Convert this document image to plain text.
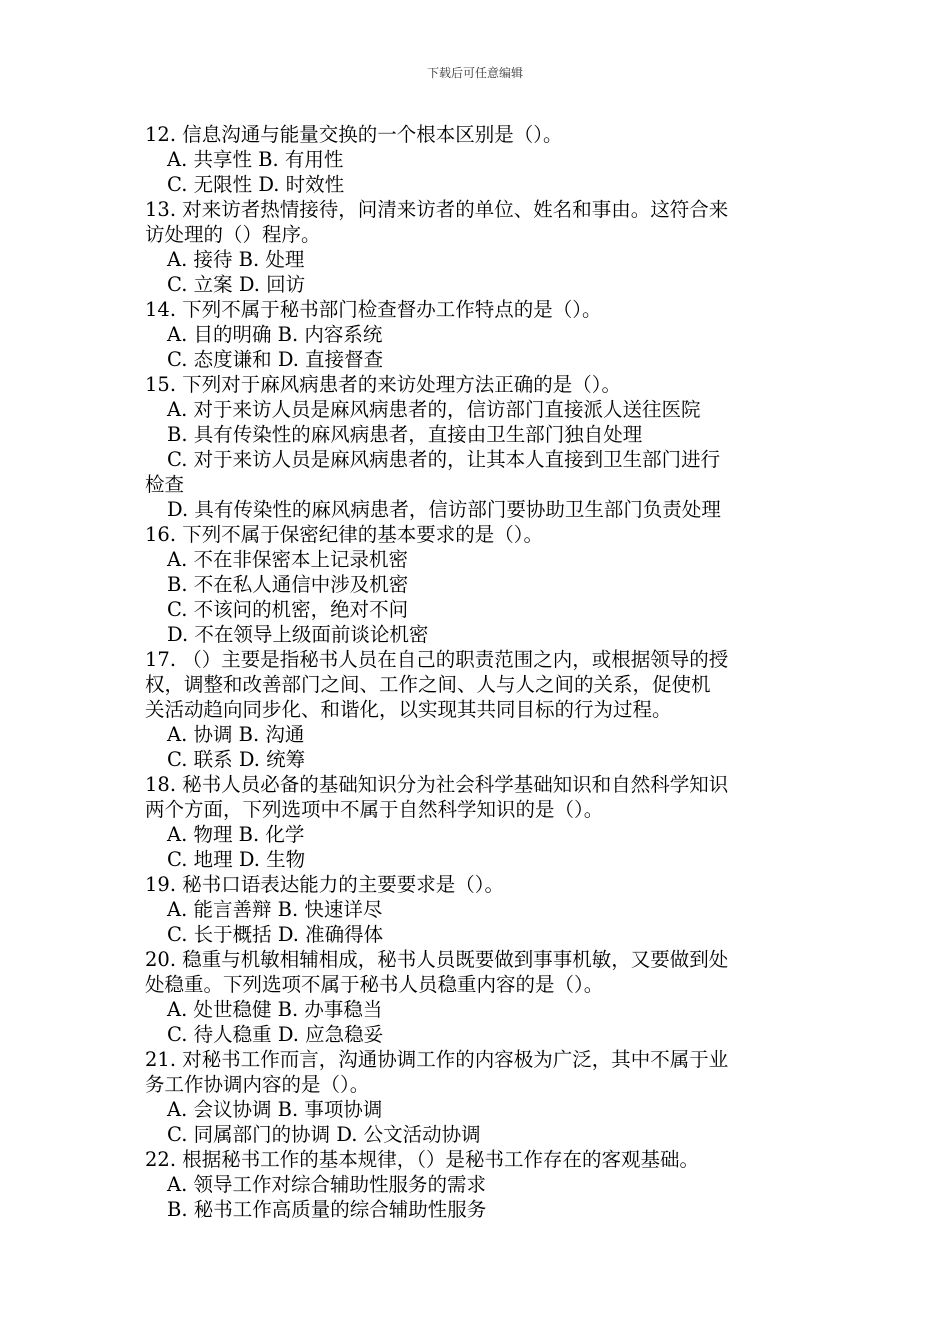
下载后可任意编辑
12. 信息沟通与能量交换的一个根本区别是（）。
A. 共享性 B. 有用性
C. 无限性 D. 时效性
13. 对来访者热情接待，问清来访者的单位、姓名和事由。这符合来
访处理的（）程序。
A. 接待 B. 处理
C. 立案 D. 回访
14. 下列不属于秘书部门检查督办工作特点的是（）。
A. 目的明确 B. 内容系统
C. 态度谦和 D. 直接督查
15. 下列对于麻风病患者的来访处理方法正确的是（）。
A. 对于来访人员是麻风病患者的，信访部门直接派人送往医院
B. 具有传染性的麻风病患者，直接由卫生部门独自处理
C. 对于来访人员是麻风病患者的，让其本人直接到卫生部门进行
检查
D. 具有传染性的麻风病患者，信访部门要协助卫生部门负责处理
16. 下列不属于保密纪律的基本要求的是（）。
A. 不在非保密本上记录机密
B. 不在私人通信中涉及机密
C. 不该问的机密，绝对不问
D. 不在领导上级面前谈论机密
17. （）主要是指秘书人员在自己的职责范围之内，或根据领导的授
权，调整和改善部门之间、工作之间、人与人之间的关系，促使机
关活动趋向同步化、和谐化，以实现其共同目标的行为过程。
A. 协调 B. 沟通
C. 联系 D. 统筹
18. 秘书人员必备的基础知识分为社会科学基础知识和自然科学知识
两个方面，下列选项中不属于自然科学知识的是（）。
A. 物理 B. 化学
C. 地理 D. 生物
19. 秘书口语表达能力的主要要求是（）。
A. 能言善辩 B. 快速详尽
C. 长于概括 D. 准确得体
20. 稳重与机敏相辅相成，秘书人员既要做到事事机敏，又要做到处
处稳重。下列选项不属于秘书人员稳重内容的是（）。
A. 处世稳健 B. 办事稳当
C. 待人稳重 D. 应急稳妥
21. 对秘书工作而言，沟通协调工作的内容极为广泛，其中不属于业
务工作协调内容的是（）。
A. 会议协调 B. 事项协调
C. 同属部门的协调 D. 公文活动协调
22. 根据秘书工作的基本规律，（）是秘书工作存在的客观基础。
A. 领导工作对综合辅助性服务的需求
B. 秘书工作高质量的综合辅助性服务
